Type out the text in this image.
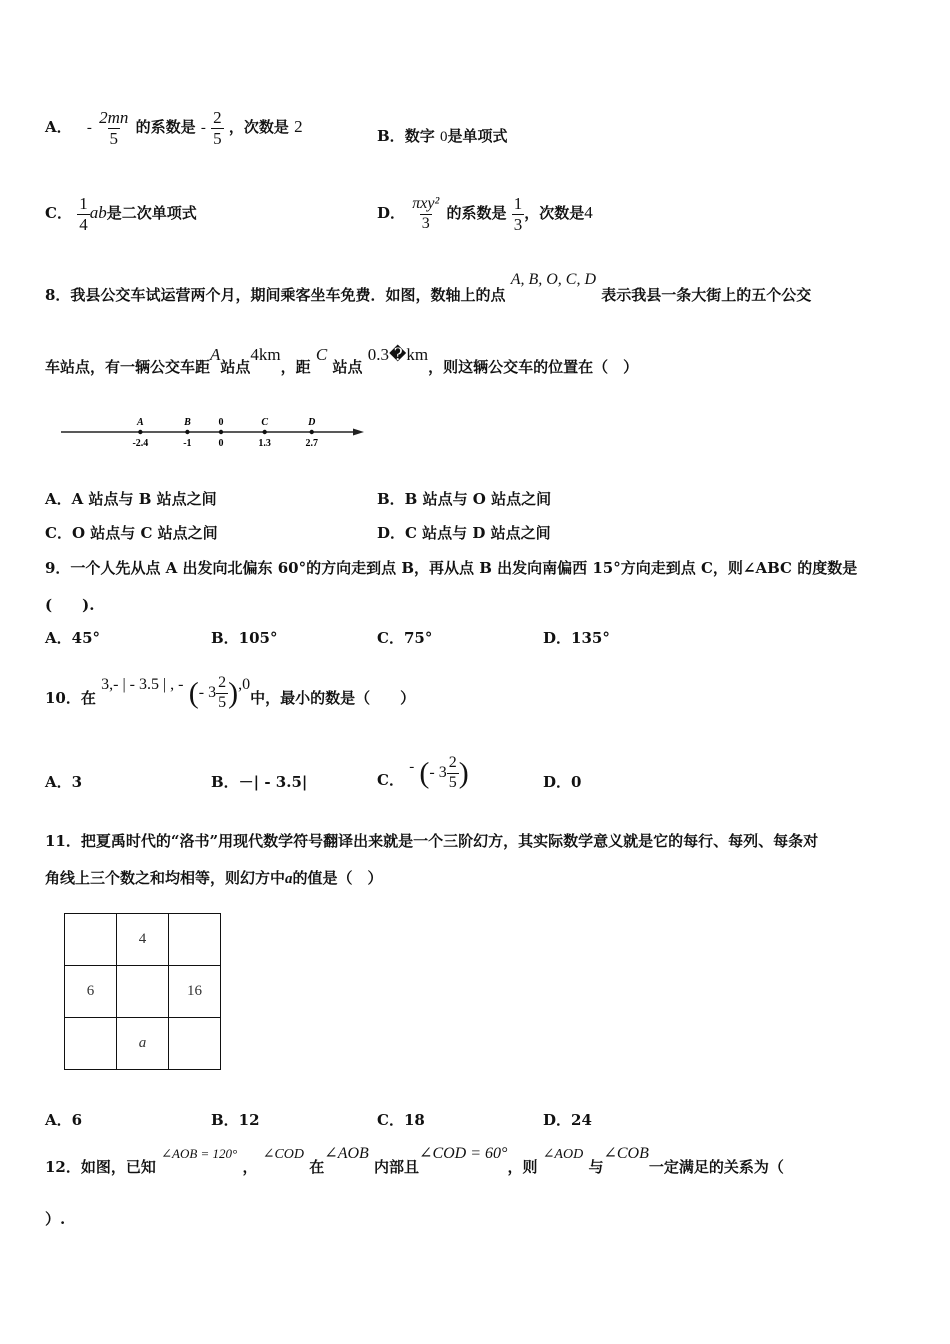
A． - $\frac{2mn}{5}$ 的系数是 - $\frac{2}{5}$ ，次数是 2	B．数字 0是单项式
C． $\frac{1}{4}$ ab是二次单项式	D． $\frac{\text{πxy²}}{3}$ 的系数是 $\frac{1}{3}$ ，次数是4
8．我县公交车试运营两个月，期间乘客坐车免费．如图，数轴上的点 A, B, O, C, D 表示我县一条大街上的五个公交
车站点，有一辆公交车距A站点4km，距 C 站点 0.3�km，则这辆公交车的位置在（　）
A
-2.4
B
-1
0
0
C
1.3
D
2.7
A．A 站点与 B 站点之间	B．B 站点与 O 站点之间
C．O 站点与 C 站点之间	D．C 站点与 D 站点之间
9．一个人先从点 A 出发向北偏东 60°的方向走到点 B，再从点 B 出发向南偏西 15°方向走到点 C，则∠ABC 的度数是
(　　).
A．45°	B．105°	C．75°	D．135°
10．在 3,- | - 3.5 | , - (- $3 \frac{2}{5} ),0$中，最小的数是（　　）
A．3	B．－| - 3.5|	C． - (- $3 \frac{2}{5}$ )	D．0
11．把夏禹时代的“洛书”用现代数学符号翻译出来就是一个三阶幻方，其实际数学意义就是它的每行、每列、每条对
角线上三个数之和均相等，则幻方中a的值是（　）
	4	
6		16
	a	
A．6	B．12	C．18	D．24
12．如图，已知 ∠AOB = 120° ， ∠COD 在∠AOB 内部且∠COD = 60°，则 ∠AOD 与∠COB一定满足的关系为（
）.
